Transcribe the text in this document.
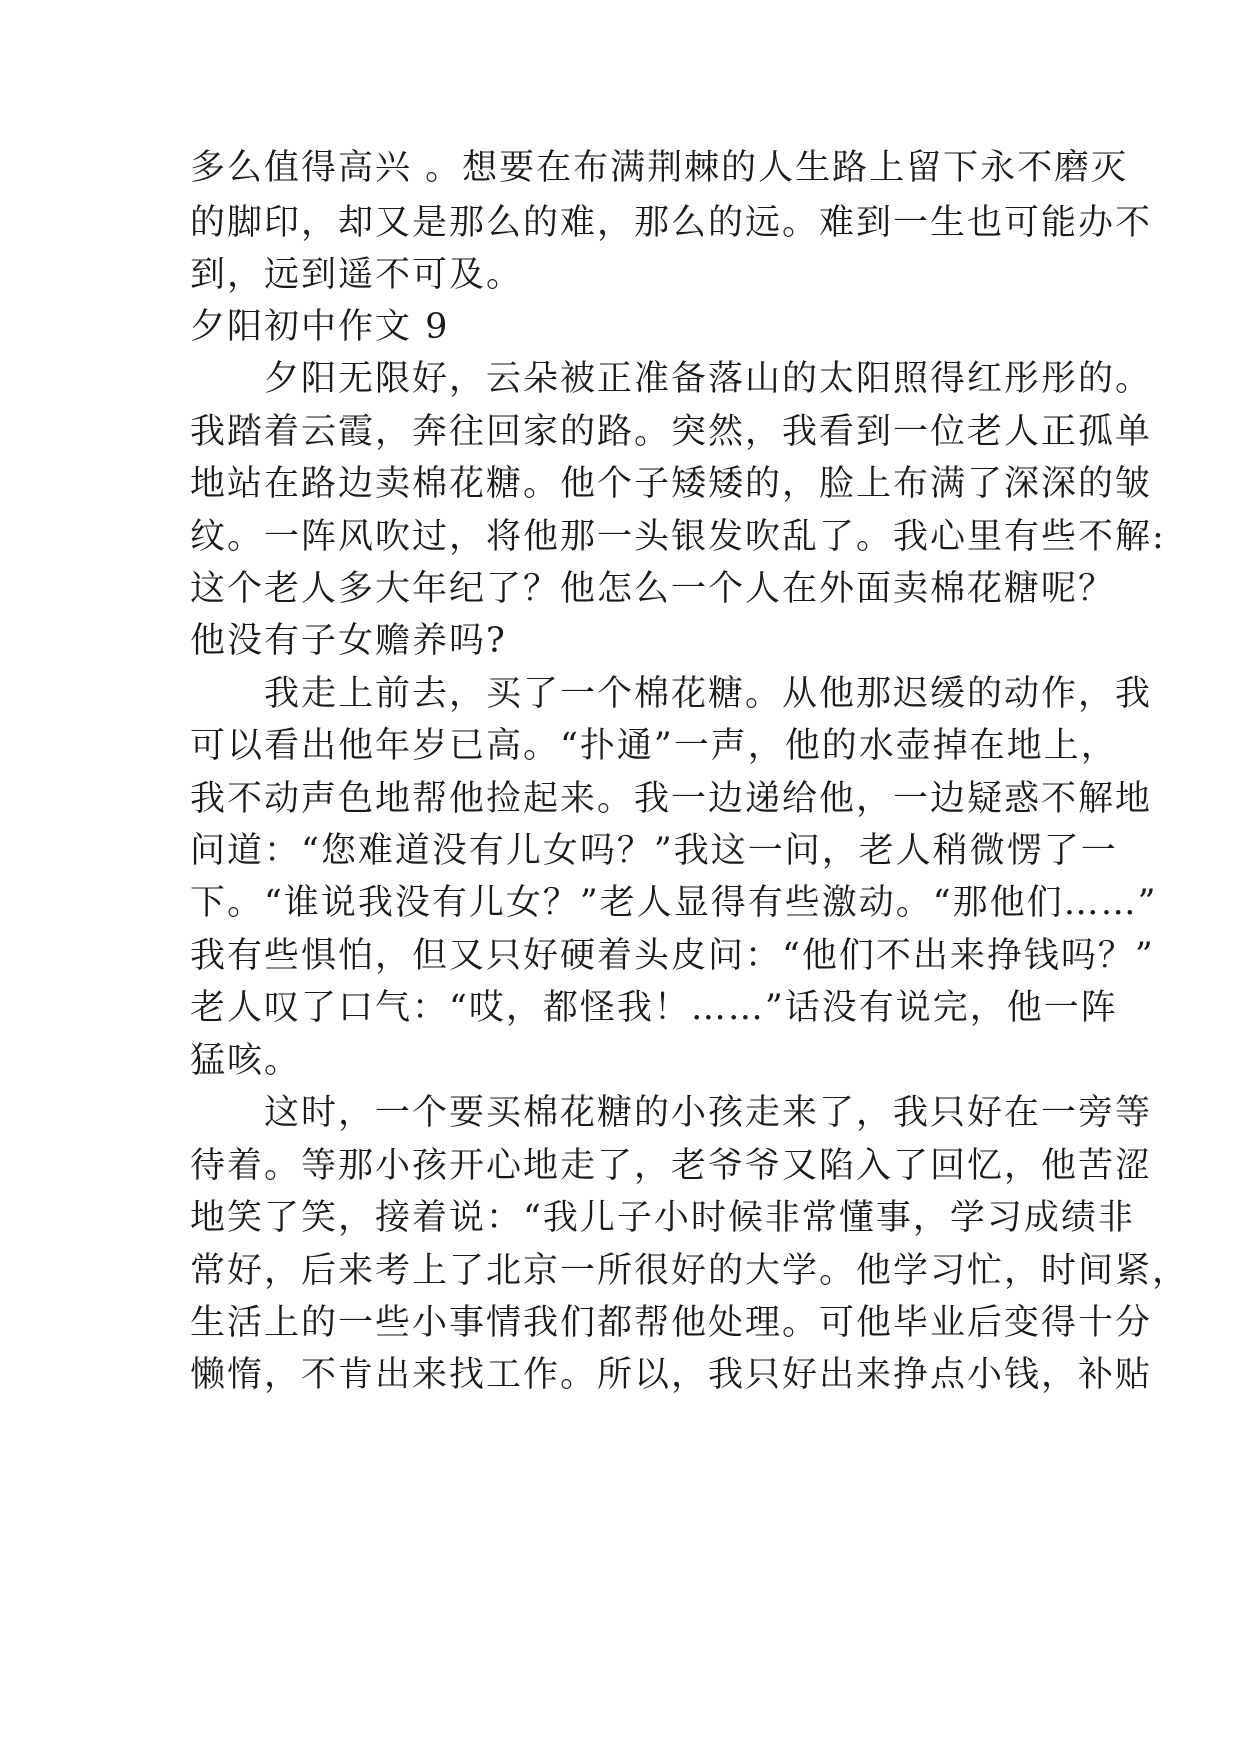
多么值得高兴 。想要在布满荆棘的人生路上留下永不磨灭
的脚印，却又是那么的难，那么的远。难到一生也可能办不
到，远到遥不可及。
夕阳初中作文 9
　　夕阳无限好，云朵被正准备落山的太阳照得红彤彤的。
我踏着云霞，奔往回家的路。突然，我看到一位老人正孤单
地站在路边卖棉花糖。他个子矮矮的，脸上布满了深深的皱
纹。一阵风吹过，将他那一头银发吹乱了。我心里有些不解:
这个老人多大年纪了？他怎么一个人在外面卖棉花糖呢？
他没有子女赡养吗?
　　我走上前去，买了一个棉花糖。从他那迟缓的动作，我
可以看出他年岁已高。“扑通”一声，他的水壶掉在地上，
我不动声色地帮他捡起来。我一边递给他，一边疑惑不解地
问道：“您难道没有儿女吗？”我这一问，老人稍微愣了一
下。“谁说我没有儿女？”老人显得有些激动。“那他们……”
我有些惧怕，但又只好硬着头皮问：“他们不出来挣钱吗？”
老人叹了口气：“哎，都怪我！……”话没有说完，他一阵
猛咳。
　　这时，一个要买棉花糖的小孩走来了，我只好在一旁等
待着。等那小孩开心地走了，老爷爷又陷入了回忆，他苦涩
地笑了笑，接着说：“我儿子小时候非常懂事，学习成绩非
常好，后来考上了北京一所很好的大学。他学习忙，时间紧，
生活上的一些小事情我们都帮他处理。可他毕业后变得十分
懒惰，不肯出来找工作。所以，我只好出来挣点小钱，补贴
